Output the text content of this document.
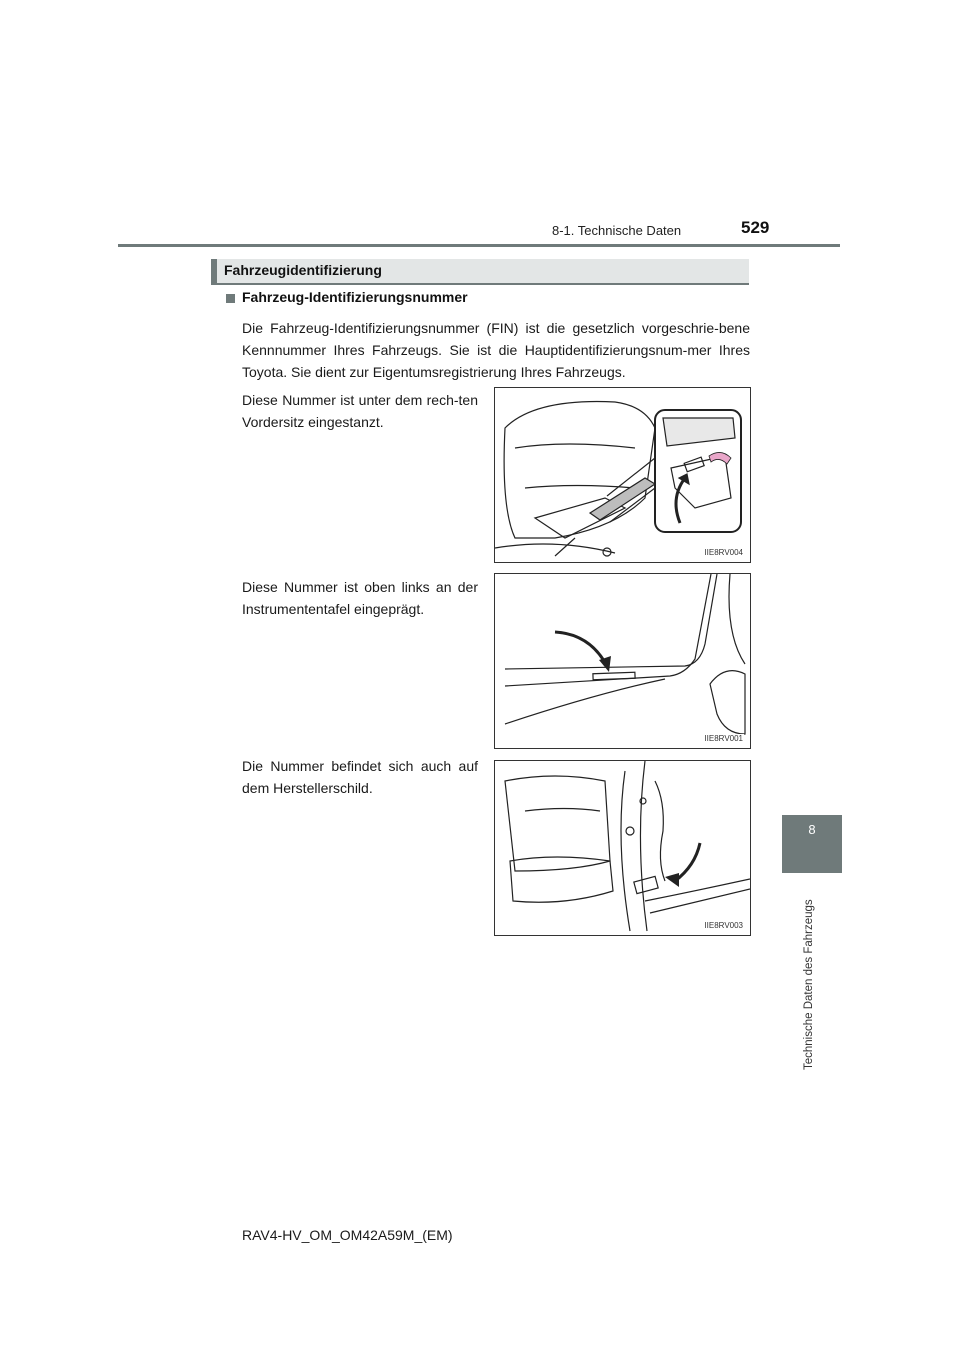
8-1. Technische Daten	529
8
Technische Daten des Fahrzeugs
Fahrzeugidentifizierung
Fahrzeug-Identifizierungsnummer
Die Fahrzeug-Identifizierungsnummer (FIN) ist die gesetzlich vorgeschrie-bene Kennnummer Ihres Fahrzeugs. Sie ist die Hauptidentifizierungsnum-mer Ihres Toyota. Sie dient zur Eigentumsregistrierung Ihres Fahrzeugs.
Diese Nummer ist unter dem rech-ten Vordersitz eingestanzt.
IIE8RV004
Diese Nummer ist oben links an der Instrumententafel eingeprägt.
IIE8RV001
Die Nummer befindet sich auch auf dem Herstellerschild.
IIE8RV003
RAV4-HV_OM_OM42A59M_(EM)
